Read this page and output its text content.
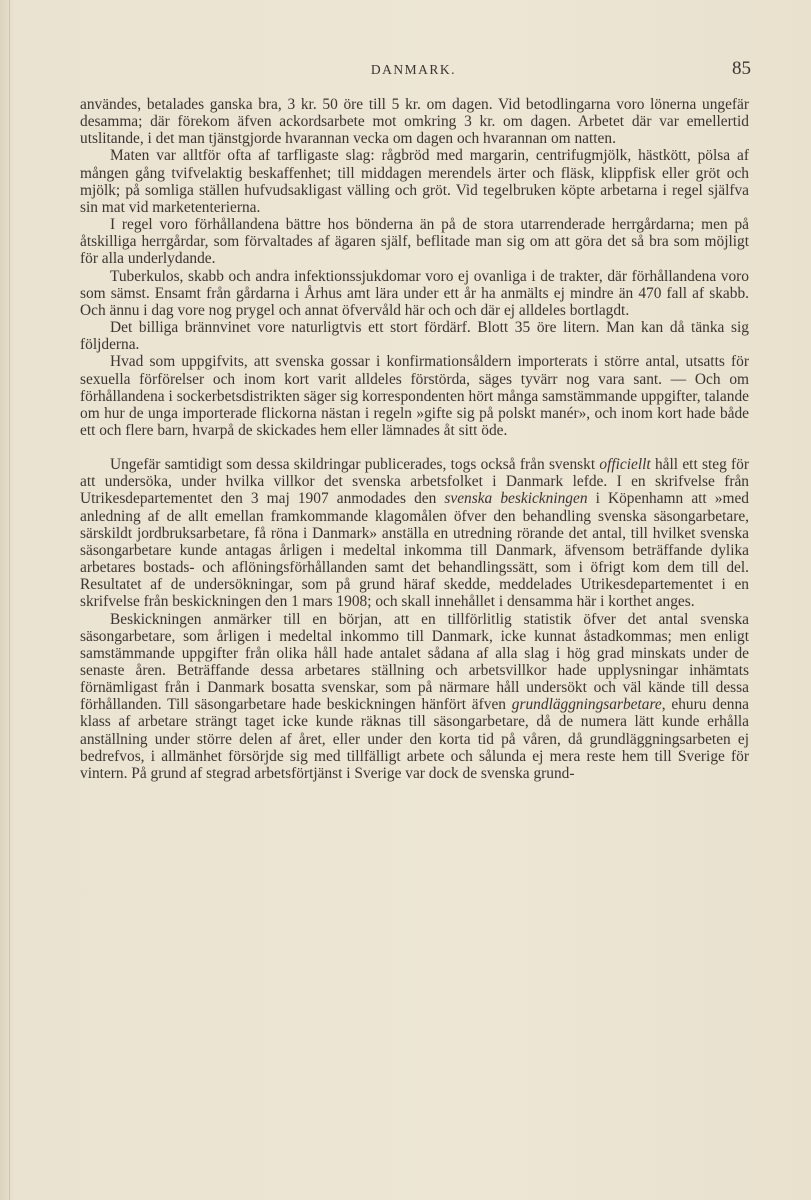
DANMARK.	85

användes, betalades ganska bra, 3 kr. 50 öre till 5 kr. om dagen. Vid betodlingarna voro lönerna ungefär desamma; där förekom äfven ackordsarbete mot omkring 3 kr. om dagen. Arbetet där var emellertid utslitande, i det man tjänstgjorde hvarannan vecka om dagen och hvarannan om natten.

Maten var alltför ofta af tarfligaste slag: rågbröd med margarin, centrifugmjölk, hästkött, pölsa af mången gång tvifvelaktig beskaffenhet; till middagen merendels ärter och fläsk, klippfisk eller gröt och mjölk; på somliga ställen hufvudsakligast välling och gröt. Vid tegelbruken köpte arbetarna i regel själfva sin mat vid marketenterierna.

I regel voro förhållandena bättre hos bönderna än på de stora utarrenderade herrgårdarna; men på åtskilliga herrgårdar, som förvaltades af ägaren själf, beflitade man sig om att göra det så bra som möjligt för alla underlydande.

Tuberkulos, skabb och andra infektionssjukdomar voro ej ovanliga i de trakter, där förhållandena voro som sämst. Ensamt från gårdarna i Århus amt lära under ett år ha anmälts ej mindre än 470 fall af skabb. Och ännu i dag vore nog prygel och annat öfvervåld här och och där ej alldeles bortlagdt.

Det billiga brännvinet vore naturligtvis ett stort fördärf. Blott 35 öre litern. Man kan då tänka sig följderna.

Hvad som uppgifvits, att svenska gossar i konfirmationsåldern importerats i större antal, utsatts för sexuella förförelser och inom kort varit alldeles förstörda, säges tyvärr nog vara sant. — Och om förhållandena i sockerbetsdistrikten säger sig korrespondenten hört många samstämmande uppgifter, talande om hur de unga importerade flickorna nästan i regeln »gifte sig på polskt manér», och inom kort hade både ett och flere barn, hvarpå de skickades hem eller lämnades åt sitt öde.

Ungefär samtidigt som dessa skildringar publicerades, togs också från svenskt officiellt håll ett steg för att undersöka, under hvilka villkor det svenska arbetsfolket i Danmark lefde. I en skrifvelse från Utrikesdepartementet den 3 maj 1907 anmodades den svenska beskickningen i Köpenhamn att »med anledning af de allt emellan framkommande klagomålen öfver den behandling svenska säsongarbetare, särskildt jordbruksarbetare, få röna i Danmark» anställa en utredning rörande det antal, till hvilket svenska säsongarbetare kunde antagas årligen i medeltal inkomma till Danmark, äfvensom beträffande dylika arbetares bostads- och aflöningsförhållanden samt det behandlingssätt, som i öfrigt kom dem till del. Resultatet af de undersökningar, som på grund häraf skedde, meddelades Utrikesdepartementet i en skrifvelse från beskickningen den 1 mars 1908; och skall innehållet i densamma här i korthet anges.

Beskickningen anmärker till en början, att en tillförlitlig statistik öfver det antal svenska säsongarbetare, som årligen i medeltal inkommo till Danmark, icke kunnat åstadkommas; men enligt samstämmande uppgifter från olika håll hade antalet sådana af alla slag i hög grad minskats under de senaste åren. Beträffande dessa arbetares ställning och arbetsvillkor hade upplysningar inhämtats förnämligast från i Danmark bosatta svenskar, som på närmare håll undersökt och väl kände till dessa förhållanden. Till säsongarbetare hade beskickningen hänfört äfven grundläggningsarbetare, ehuru denna klass af arbetare strängt taget icke kunde räknas till säsongarbetare, då de numera lätt kunde erhålla anställning under större delen af året, eller under den korta tid på våren, då grundläggningsarbeten ej bedrefvos, i allmänhet försörjde sig med tillfälligt arbete och sålunda ej mera reste hem till Sverige för vintern. På grund af stegrad arbetsförtjänst i Sverige var dock de svenska grund-
